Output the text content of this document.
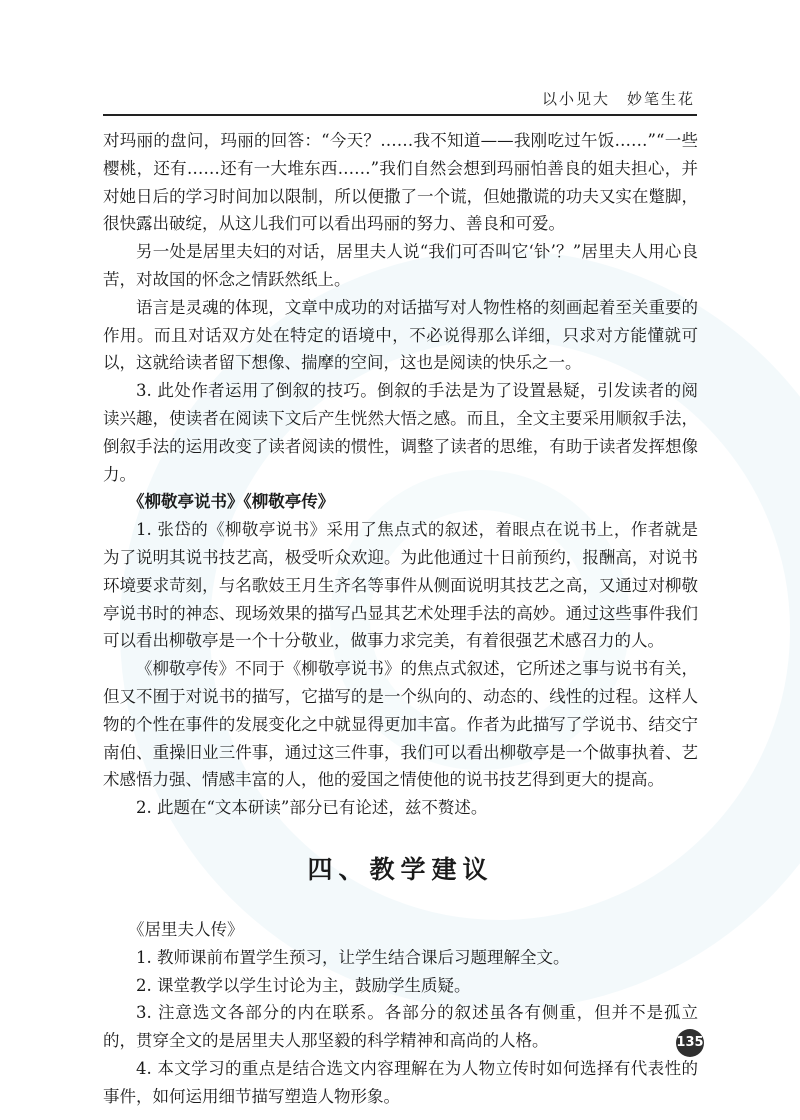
以小见大　妙笔生花

对玛丽的盘问，玛丽的回答：“今天？……我不知道——我刚吃过午饭……”“一些樱桃，还有……还有一大堆东西……”我们自然会想到玛丽怕善良的姐夫担心，并对她日后的学习时间加以限制，所以便撒了一个谎，但她撒谎的功夫又实在蹩脚，很快露出破绽，从这儿我们可以看出玛丽的努力、善良和可爱。

另一处是居里夫妇的对话，居里夫人说“我们可否叫它‘钋’？”居里夫人用心良苦，对故国的怀念之情跃然纸上。

语言是灵魂的体现，文章中成功的对话描写对人物性格的刻画起着至关重要的作用。而且对话双方处在特定的语境中，不必说得那么详细，只求对方能懂就可以，这就给读者留下想像、揣摩的空间，这也是阅读的快乐之一。

3. 此处作者运用了倒叙的技巧。倒叙的手法是为了设置悬疑，引发读者的阅读兴趣，使读者在阅读下文后产生恍然大悟之感。而且，全文主要采用顺叙手法，倒叙手法的运用改变了读者阅读的惯性，调整了读者的思维，有助于读者发挥想像力。

《柳敬亭说书》《柳敬亭传》

1. 张岱的《柳敬亭说书》采用了焦点式的叙述，着眼点在说书上，作者就是为了说明其说书技艺高，极受听众欢迎。为此他通过十日前预约，报酬高，对说书环境要求苛刻，与名歌妓王月生齐名等事件从侧面说明其技艺之高，又通过对柳敬亭说书时的神态、现场效果的描写凸显其艺术处理手法的高妙。通过这些事件我们可以看出柳敬亭是一个十分敬业，做事力求完美，有着很强艺术感召力的人。

《柳敬亭传》不同于《柳敬亭说书》的焦点式叙述，它所述之事与说书有关，但又不囿于对说书的描写，它描写的是一个纵向的、动态的、线性的过程。这样人物的个性在事件的发展变化之中就显得更加丰富。作者为此描写了学说书、结交宁南伯、重操旧业三件事，通过这三件事，我们可以看出柳敬亭是一个做事执着、艺术感悟力强、情感丰富的人，他的爱国之情使他的说书技艺得到更大的提高。

2. 此题在“文本研读”部分已有论述，兹不赘述。

四、教学建议

《居里夫人传》

1. 教师课前布置学生预习，让学生结合课后习题理解全文。

2. 课堂教学以学生讨论为主，鼓励学生质疑。

3. 注意选文各部分的内在联系。各部分的叙述虽各有侧重，但并不是孤立的，贯穿全文的是居里夫人那坚毅的科学精神和高尚的人格。

4. 本文学习的重点是结合选文内容理解在为人物立传时如何选择有代表性的事件，如何运用细节描写塑造人物形象。

135
